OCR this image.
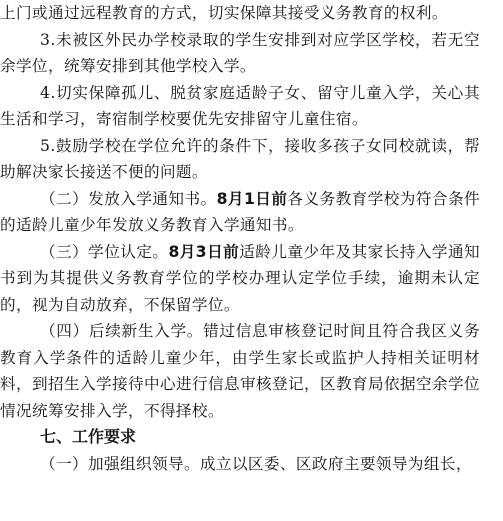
上门或通过远程教育的方式，切实保障其接受义务教育的权利。

3.未被区外民办学校录取的学生安排到对应学区学校，若无空余学位，统筹安排到其他学校入学。

4.切实保障孤儿、脱贫家庭适龄子女、留守儿童入学，关心其生活和学习，寄宿制学校要优先安排留守儿童住宿。

5.鼓励学校在学位允许的条件下，接收多孩子女同校就读，帮助解决家长接送不便的问题。

（二）发放入学通知书。8月1日前各义务教育学校为符合条件的适龄儿童少年发放义务教育入学通知书。

（三）学位认定。8月3日前适龄儿童少年及其家长持入学通知书到为其提供义务教育学位的学校办理认定学位手续，逾期未认定的，视为自动放弃，不保留学位。

（四）后续新生入学。错过信息审核登记时间且符合我区义务教育入学条件的适龄儿童少年，由学生家长或监护人持相关证明材料，到招生入学接待中心进行信息审核登记，区教育局依据空余学位情况统筹安排入学，不得择校。

七、工作要求

（一）加强组织领导。成立以区委、区政府主要领导为组长，
